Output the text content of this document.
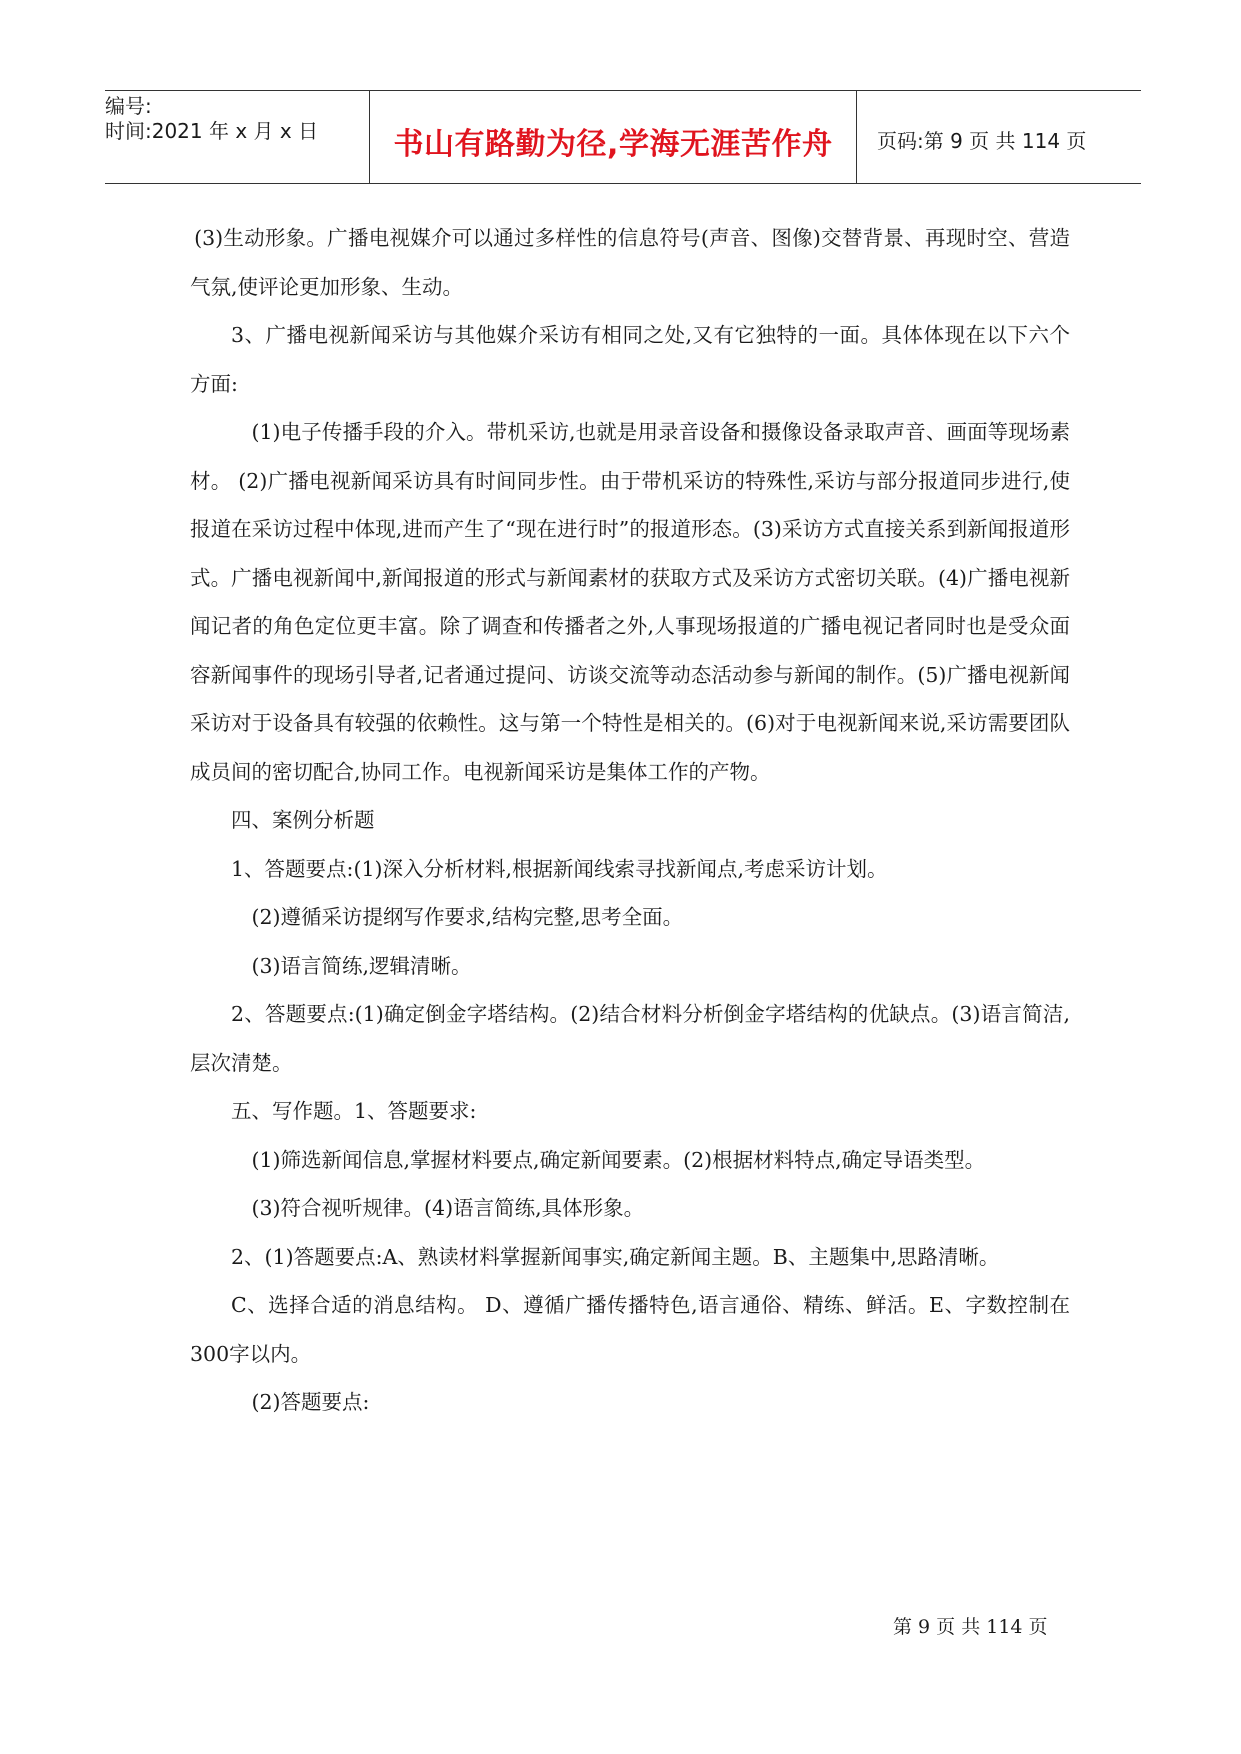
编号:
时间:2021 年 x 月 x 日	书山有路勤为径,学海无涯苦作舟	页码:第 9 页 共 114 页

(3)生动形象。广播电视媒介可以通过多样性的信息符号(声音、图像)交替背景、再现时空、营造气氛,使评论更加形象、生动。

3、广播电视新闻采访与其他媒介采访有相同之处,又有它独特的一面。具体体现在以下六个方面:

(1)电子传播手段的介入。带机采访,也就是用录音设备和摄像设备录取声音、画面等现场素材。 (2)广播电视新闻采访具有时间同步性。由于带机采访的特殊性,采访与部分报道同步进行,使报道在采访过程中体现,进而产生了“现在进行时”的报道形态。(3)采访方式直接关系到新闻报道形式。广播电视新闻中,新闻报道的形式与新闻素材的获取方式及采访方式密切关联。(4)广播电视新闻记者的角色定位更丰富。除了调查和传播者之外,人事现场报道的广播电视记者同时也是受众面容新闻事件的现场引导者,记者通过提问、访谈交流等动态活动参与新闻的制作。(5)广播电视新闻采访对于设备具有较强的依赖性。这与第一个特性是相关的。(6)对于电视新闻来说,采访需要团队成员间的密切配合,协同工作。电视新闻采访是集体工作的产物。

四、案例分析题

1、答题要点:(1)深入分析材料,根据新闻线索寻找新闻点,考虑采访计划。

(2)遵循采访提纲写作要求,结构完整,思考全面。

(3)语言简练,逻辑清晰。

2、答题要点:(1)确定倒金字塔结构。(2)结合材料分析倒金字塔结构的优缺点。(3)语言简洁,层次清楚。

五、写作题。1、答题要求:

(1)筛选新闻信息,掌握材料要点,确定新闻要素。(2)根据材料特点,确定导语类型。

(3)符合视听规律。(4)语言简练,具体形象。

2、(1)答题要点:A、熟读材料掌握新闻事实,确定新闻主题。B、主题集中,思路清晰。

C、选择合适的消息结构。 D、遵循广播传播特色,语言通俗、精练、鲜活。E、字数控制在300字以内。

(2)答题要点:

第 9 页 共 114 页
